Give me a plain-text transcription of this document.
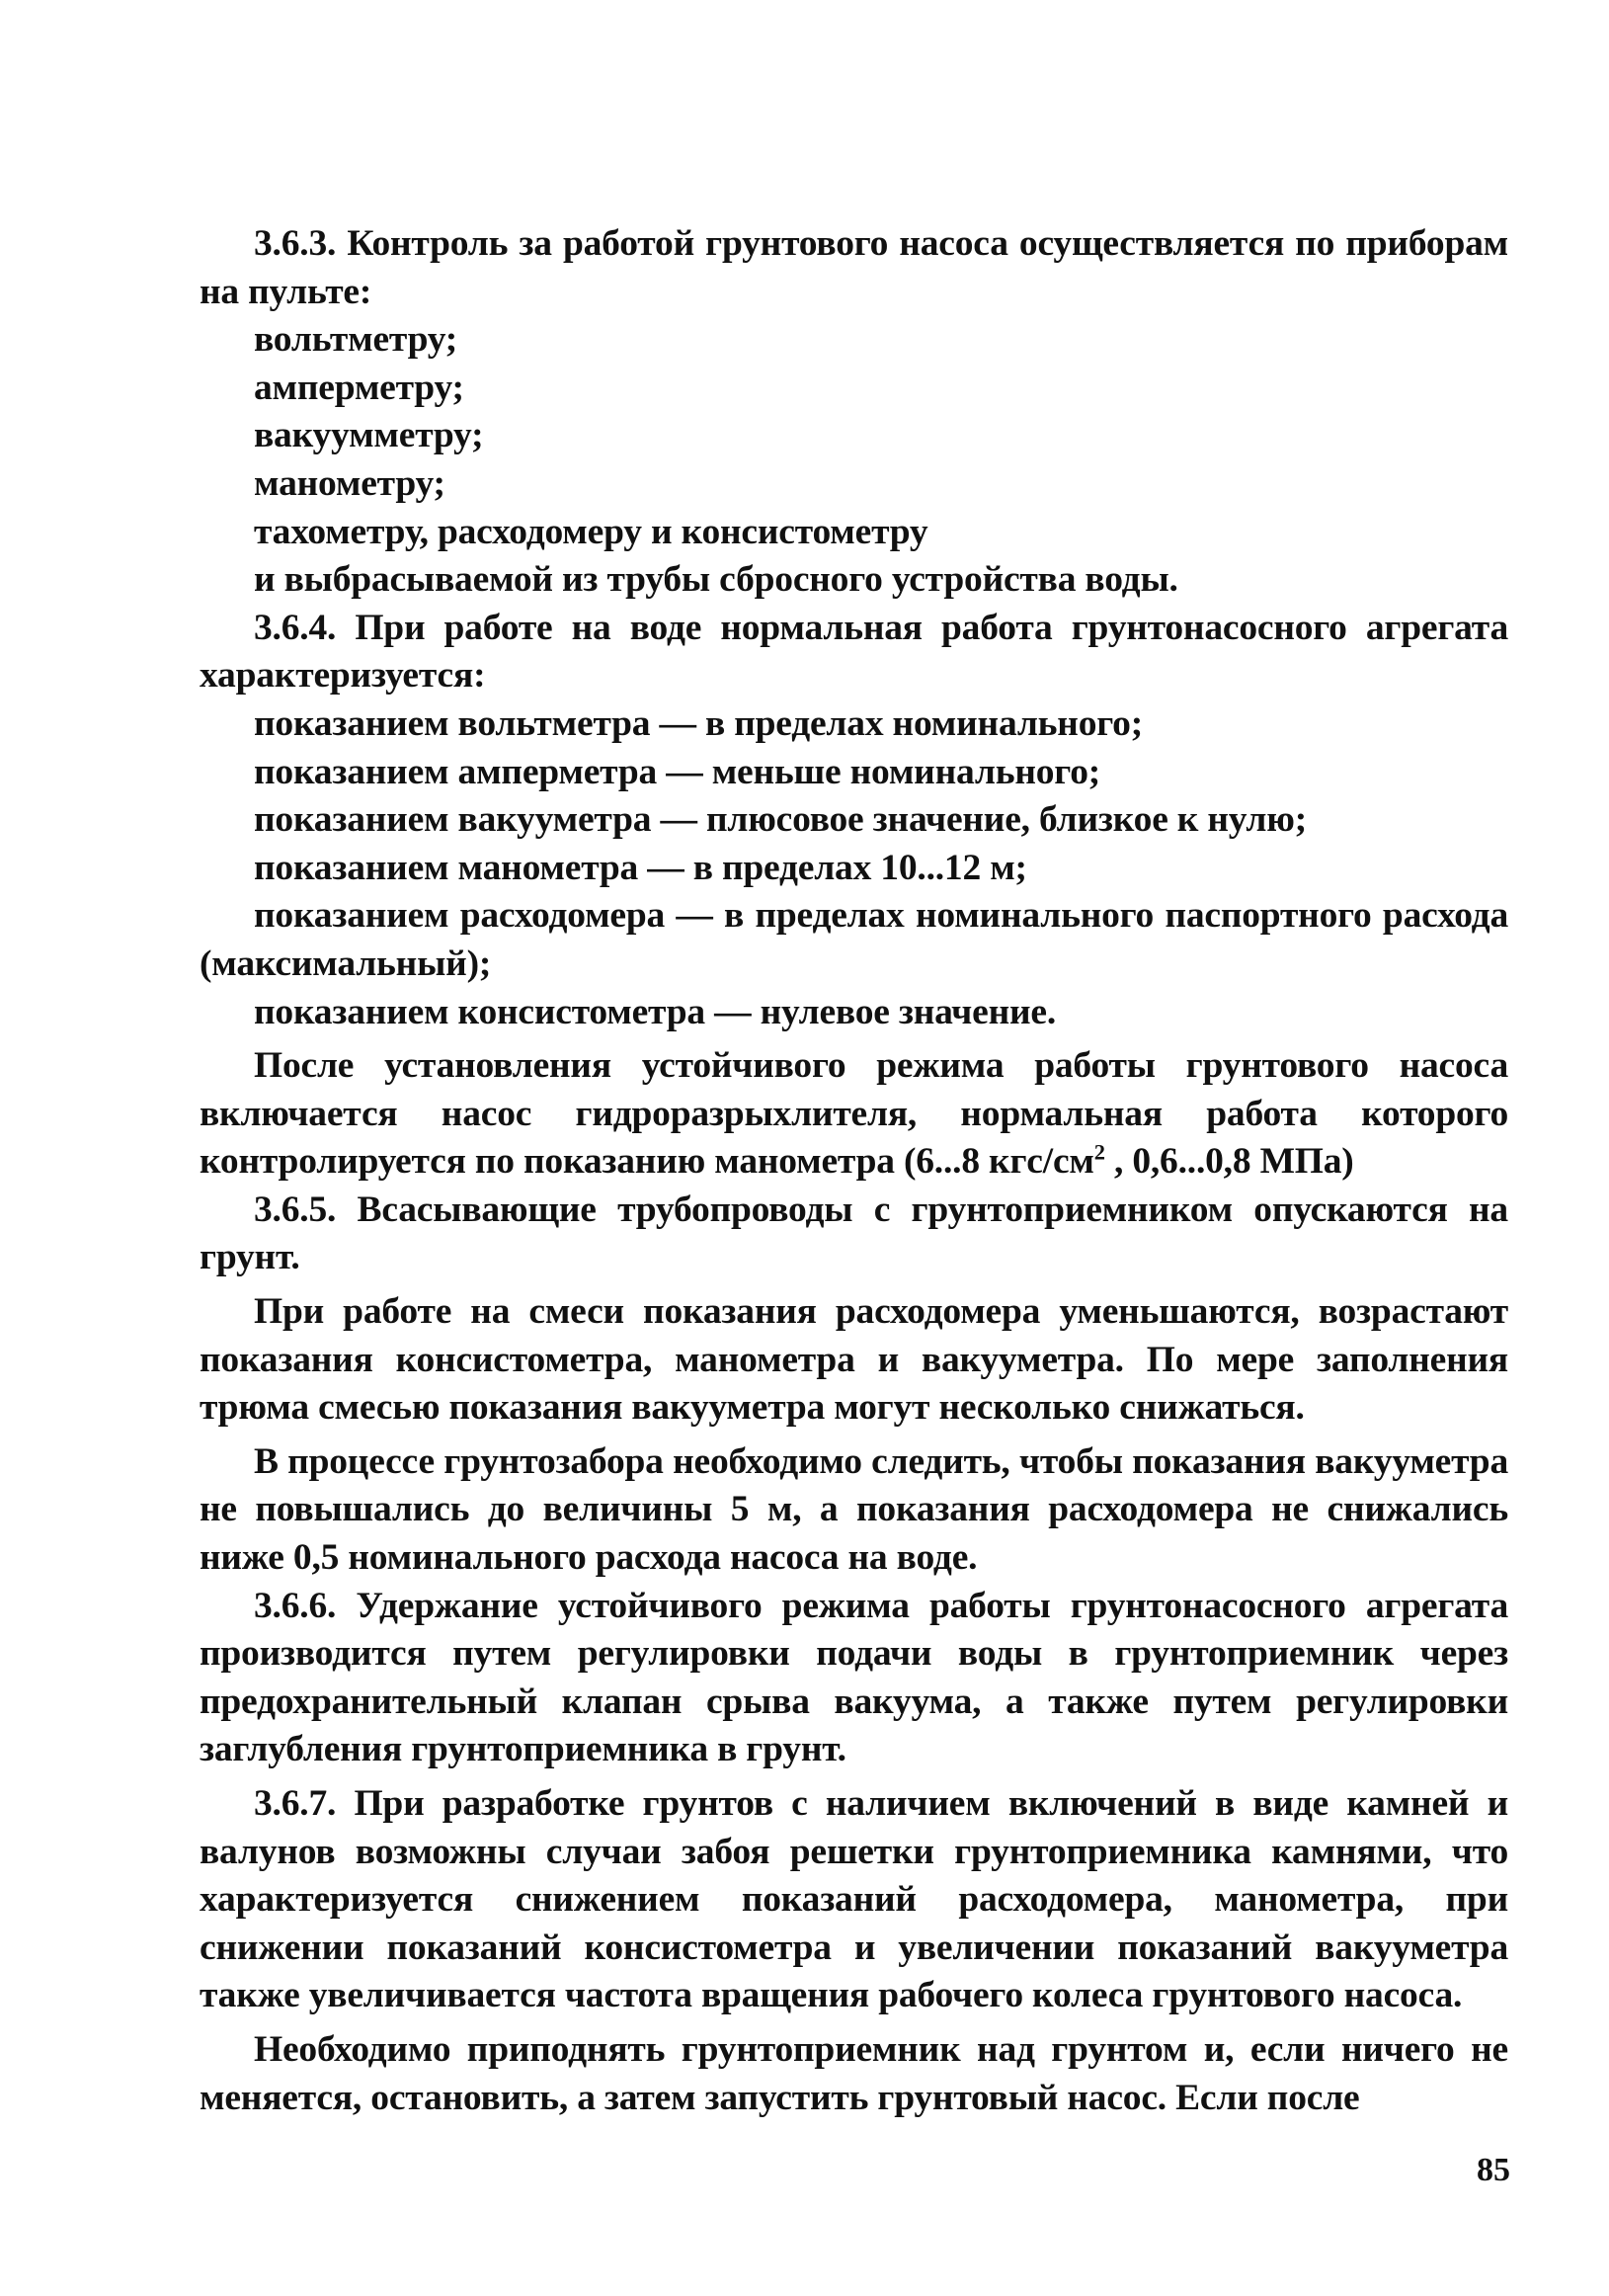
3.6.3. Контроль за работой грунтового насоса осуществляется по приборам на пульте:

вольтметру;

амперметру;

вакуумметру;

манометру;

тахометру, расходомеру и консистометру

и выбрасываемой из трубы сбросного устройства воды.

3.6.4. При работе на воде нормальная работа грунтонасосного агрегата характеризуется:

показанием вольтметра — в пределах номинального;

показанием амперметра — меньше номинального;

показанием вакууметра — плюсовое значение, близкое к нулю;

показанием манометра — в пределах 10...12 м;

показанием расходомера — в пределах номинального паспортного расхода (максимальный);

показанием консистометра — нулевое значение.

После установления устойчивого режима работы грунтового насоса включается насос гидроразрыхлителя, нормальная работа которого контролируется по показанию манометра (6...8 кгс/$см^2$ , 0,6...0,8 МПа)

3.6.5. Всасывающие трубопроводы с грунтоприемником опускаются на грунт.

При работе на смеси показания расходомера уменьшаются, возрастают показания консистометра, манометра и вакууметра. По мере заполнения трюма смесью показания вакууметра могут несколько снижаться.

В процессе грунтозабора необходимо следить, чтобы показания вакууметра не повышались до величины 5 м, а показания расходомера не снижались ниже 0,5 номинального расхода насоса на воде.

3.6.6. Удержание устойчивого режима работы грунтонасосного агрегата производится путем регулировки подачи воды в грунтоприемник через предохранительный клапан срыва вакуума, а также путем регулировки заглубления грунтоприемника в грунт.

3.6.7. При разработке грунтов с наличием включений в виде камней и валунов возможны случаи забоя решетки грунтоприемника камнями, что характеризуется снижением показаний расходомера, манометра, при снижении показаний консистометра и увеличении показаний вакууметра также увеличивается частота вращения рабочего колеса грунтового насоса.

Необходимо приподнять грунтоприемник над грунтом и, если ничего не меняется, остановить, а затем запустить грунтовый насос. Если после

85
